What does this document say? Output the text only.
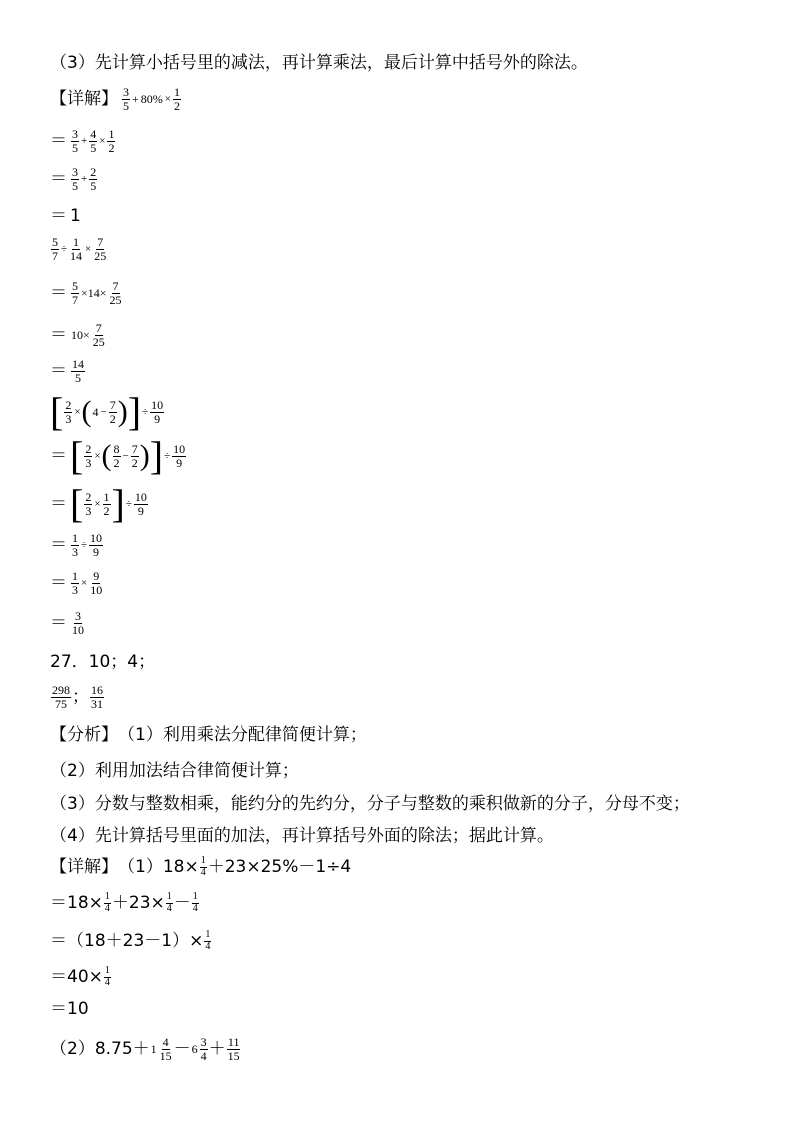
（3）先计算小括号里的减法，再计算乘法，最后计算中括号外的除法。
【详解】 $\frac{3}{5} + 80\% \times \frac{1}{2}$
＝ $\frac{3}{5} + \frac{4}{5} \times \frac{1}{2}$
＝ $\frac{3}{5} + \frac{2}{5}$
＝ 1
$\frac{5}{7} \div \frac{1}{14} \times \frac{7}{25}$
＝ $\frac{5}{7} \times 14\times \frac{7}{25}$
＝ $10\times \frac{7}{25}$
＝ $\frac{14}{5}$
[ $\frac{2}{3}$ × ( $4 - \frac{7}{2}$ ) ] ÷ $\frac{10}{9}$
＝ [ $\frac{2}{3}$ × ( $\frac{8}{2} - \frac{7}{2}$ ) ] ÷ $\frac{10}{9}$
＝ [ $\frac{2}{3} \times \frac{1}{2}$ ] ÷ $\frac{10}{9}$
＝ $\frac{1}{3} \div \frac{10}{9}$
＝ $\frac{1}{3} \times \frac{9}{10}$
＝ $\frac{3}{10}$
27．10；4；
$\frac{298}{75}$ ； $\frac{16}{31}$
【分析】 （1）利用乘法分配律简便计算；
（2）利用加法结合律简便计算；
（3）分数与整数相乘，能约分的先约分，分子与整数的乘积做新的分子，分母不变；
（4）先计算括号里面的加法，再计算括号外面的除法；据此计算。
【详解】 $(1)18\times \frac{1}{4} +23\times 25\%-1\div 4$
$=18\times \frac{1}{4} +23\times \frac{1}{4} - \frac{1}{4}$
$=(18+23-1)\times \frac{1}{4}$
$=40\times \frac{1}{4}$
＝10
$(2)8.75+ 1 \frac{4}{15} - 6 \frac{3}{4} + \frac{11}{15}$
